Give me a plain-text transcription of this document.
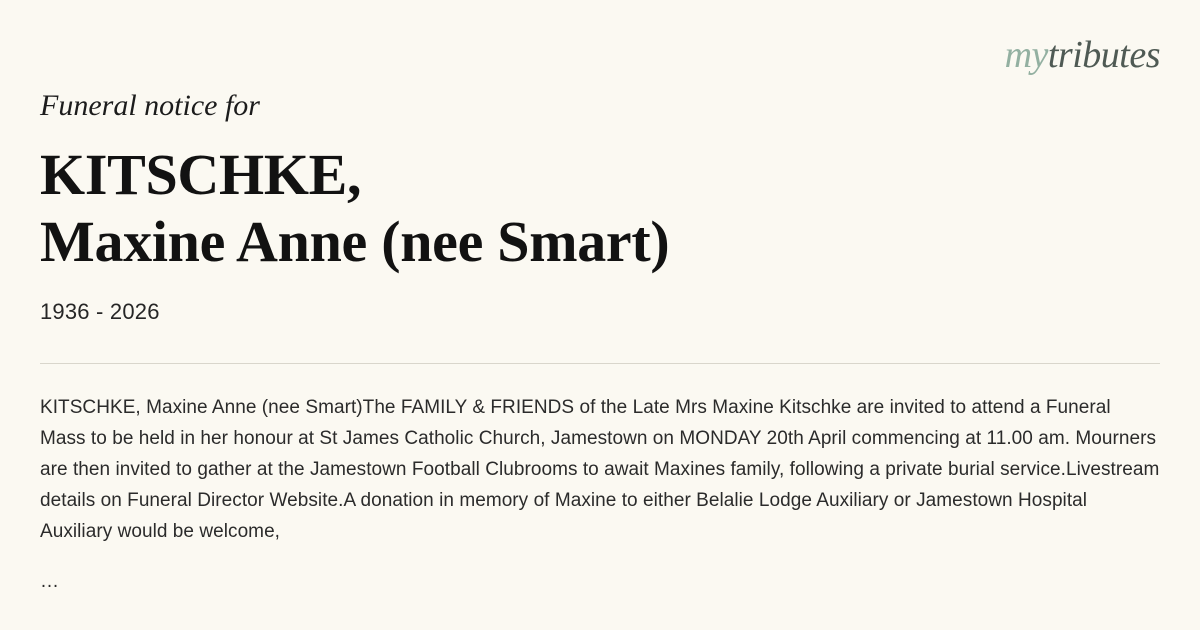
mytributes
Funeral notice for
KITSCHKE,
Maxine Anne (nee Smart)
1936 - 2026

KITSCHKE, Maxine Anne (nee Smart)The FAMILY & FRIENDS of the Late Mrs Maxine Kitschke are invited to attend a Funeral Mass to be held in her honour at St James Catholic Church, Jamestown on MONDAY 20th April commencing at 11.00 am. Mourners are then invited to gather at the Jamestown Football Clubrooms to await Maxines family, following a private burial service.Livestream details on Funeral Director Website.A donation in memory of Maxine to either Belalie Lodge Auxiliary or Jamestown Hospital Auxiliary would be welcome,

…
